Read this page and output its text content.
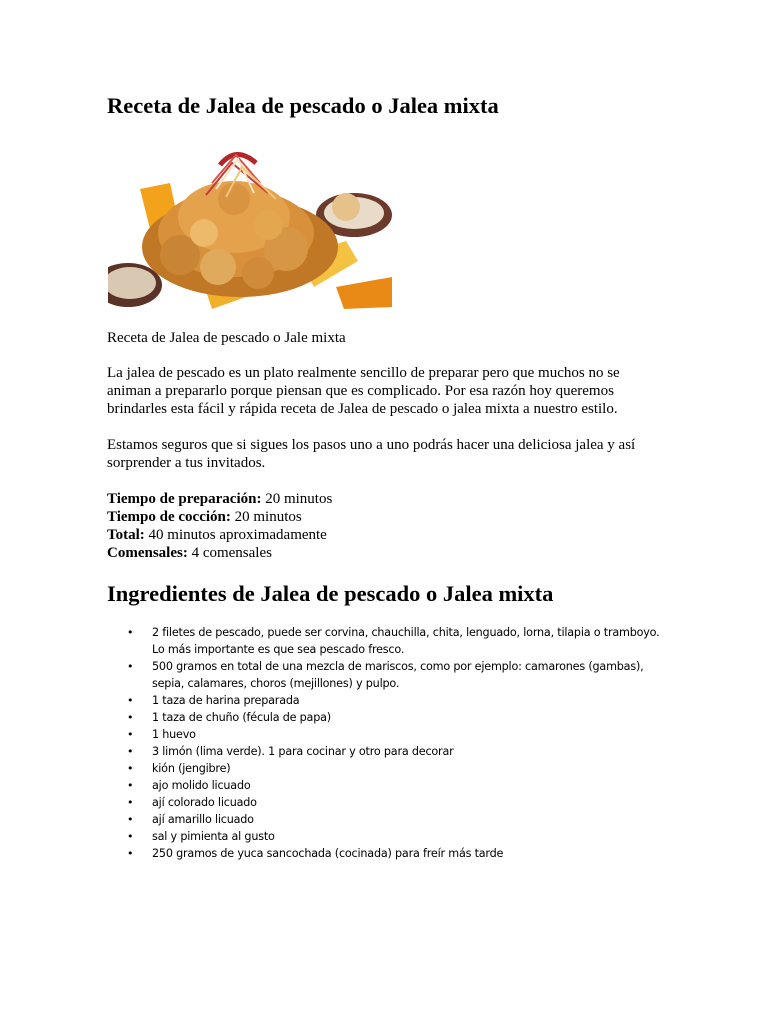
Receta de Jalea de pescado o Jalea mixta

Receta de Jalea de pescado o Jale mixta

La jalea de pescado es un plato realmente sencillo de preparar pero que muchos no se animan a prepararlo porque piensan que es complicado. Por esa razón hoy queremos brindarles esta fácil y rápida receta de Jalea de pescado o jalea mixta a nuestro estilo.

Estamos seguros que si sigues los pasos uno a uno podrás hacer una deliciosa jalea y así sorprender a tus invitados.

Tiempo de preparación: 20 minutos
Tiempo de cocción: 20 minutos
Total: 40 minutos aproximadamente
Comensales: 4 comensales
Ingredientes de Jalea de pescado o Jalea mixta
• 2 filetes de pescado, puede ser corvina, chauchilla, chita, lenguado, lorna, tilapia o tramboyo. Lo más importante es que sea pescado fresco.
• 500 gramos en total de una mezcla de mariscos, como por ejemplo: camarones (gambas), sepia, calamares, choros (mejillones) y pulpo.
• 1 taza de harina preparada
• 1 taza de chuño (fécula de papa)
• 1 huevo
• 3 limón (lima verde). 1 para cocinar y otro para decorar
• kión (jengibre)
• ajo molido licuado
• ají colorado licuado
• ají amarillo licuado
• sal y pimienta al gusto
• 250 gramos de yuca sancochada (cocinada) para freír más tarde
